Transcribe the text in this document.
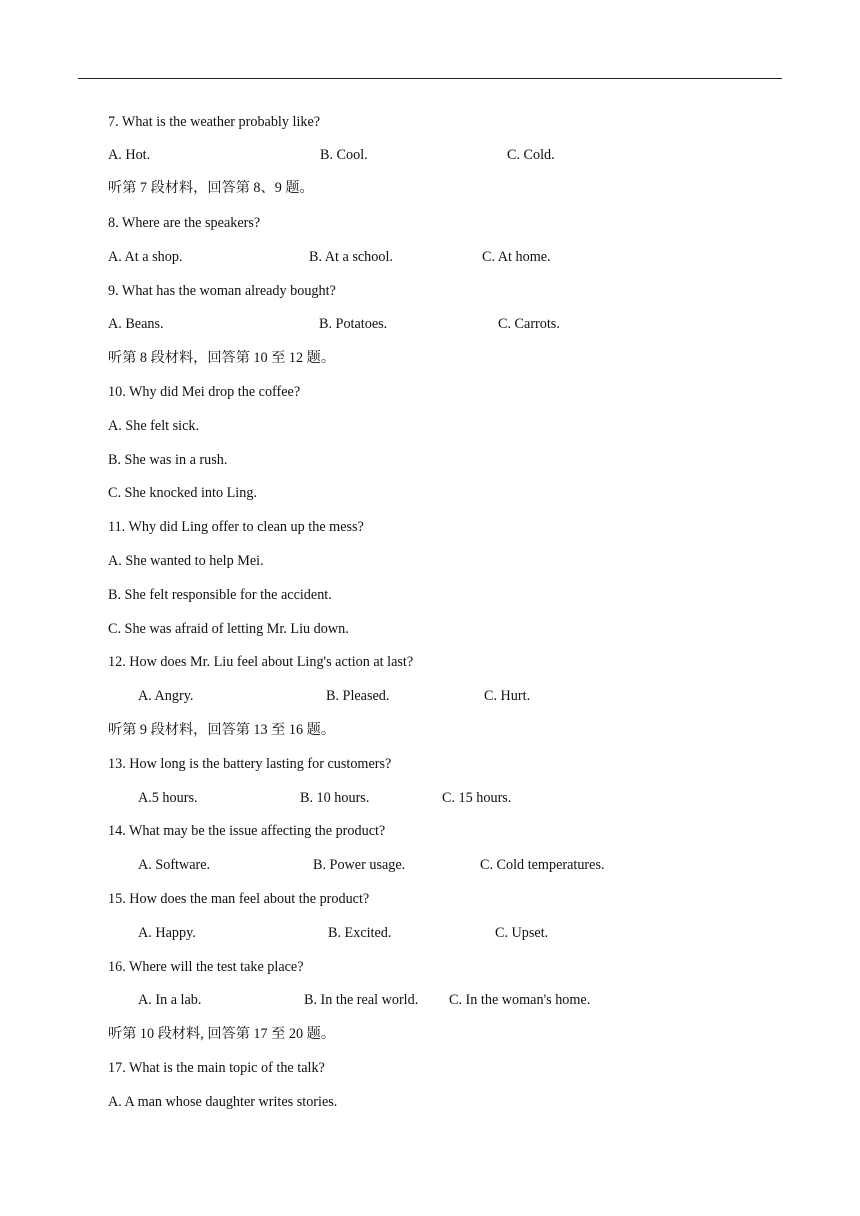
7. What is the weather probably like?
A. Hot.	B. Cool.	C. Cold.
听第 7 段材料，回答第 8、9 题。
8. Where are the speakers?
A. At a shop.	B. At a school.	C. At home.
9. What has the woman already bought?
A. Beans.	B. Potatoes.	C. Carrots.
听第 8 段材料，回答第 10 至 12 题。
10. Why did Mei drop the coffee?
A. She felt sick.
B. She was in a rush.
C. She knocked into Ling.
11. Why did Ling offer to clean up the mess?
A. She wanted to help Mei.
B. She felt responsible for the accident.
C. She was afraid of letting Mr. Liu down.
12. How does Mr. Liu feel about Ling's action at last?
A. Angry.	B. Pleased.	C. Hurt.
听第 9 段材料，回答第 13 至 16 题。
13. How long is the battery lasting for customers?
A.5 hours.	B. 10 hours.	C. 15 hours.
14. What may be the issue affecting the product?
A. Software.	B. Power usage.	C. Cold temperatures.
15. How does the man feel about the product?
A. Happy.	B. Excited.	C. Upset.
16. Where will the test take place?
A. In a lab.	B. In the real world. C. In the woman's home.
听第 10 段材料, 回答第 17 至 20 题。
17. What is the main topic of the talk?
A. A man whose daughter writes stories.
